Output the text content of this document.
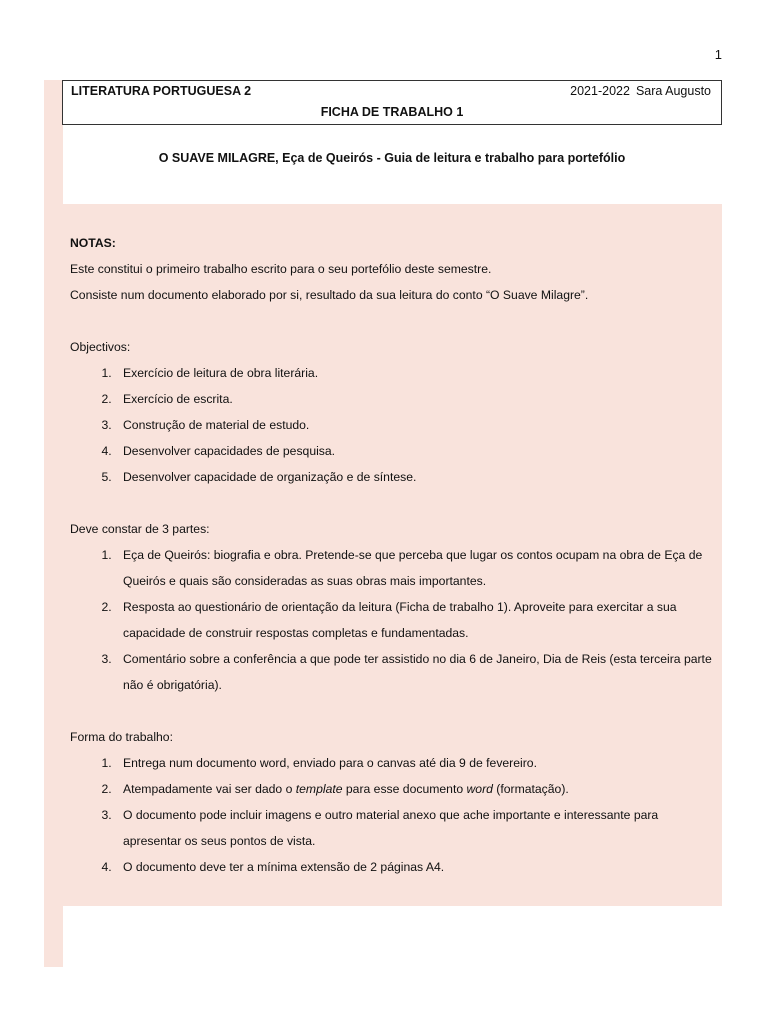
1
LITERATURA PORTUGUESA 2	2021-2022 Sara Augusto
FICHA DE TRABALHO 1
O SUAVE MILAGRE, Eça de Queirós - Guia de leitura e trabalho para portefólio

NOTAS:

Este constitui o primeiro trabalho escrito para o seu portefólio deste semestre.

Consiste num documento elaborado por si, resultado da sua leitura do conto “O Suave Milagre”.

Objectivos:

1. Exercício de leitura de obra literária.
2. Exercício de escrita.
3. Construção de material de estudo.
4. Desenvolver capacidades de pesquisa.
5. Desenvolver capacidade de organização e de síntese.

Deve constar de 3 partes:

1. Eça de Queirós: biografia e obra. Pretende-se que perceba que lugar os contos ocupam na obra de Eça de Queirós e quais são consideradas as suas obras mais importantes.
2. Resposta ao questionário de orientação da leitura (Ficha de trabalho 1). Aproveite para exercitar a sua capacidade de construir respostas completas e fundamentadas.
3. Comentário sobre a conferência a que pode ter assistido no dia 6 de Janeiro, Dia de Reis (esta terceira parte não é obrigatória).

Forma do trabalho:

1. Entrega num documento word, enviado para o canvas até dia 9 de fevereiro.
2. Atempadamente vai ser dado o template para esse documento word (formatação).
3. O documento pode incluir imagens e outro material anexo que ache importante e interessante para apresentar os seus pontos de vista.
4. O documento deve ter a mínima extensão de 2 páginas A4.
